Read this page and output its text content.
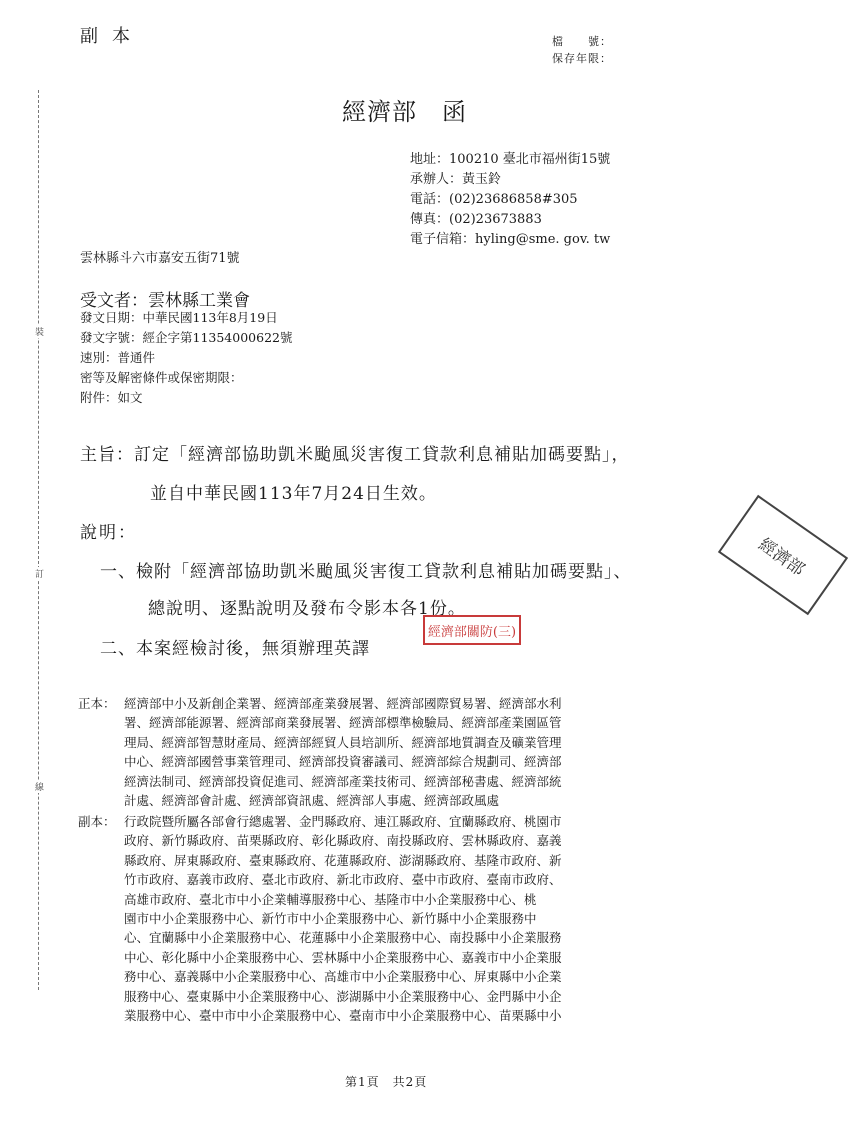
裝
訂
線
副本	檔　　號：
保存年限：
經濟部　函
地址：100210 臺北市福州街15號
承辦人：黃玉鈴
電話：(02)23686858#305
傳真：(02)23673883
電子信箱：hyling@sme. gov. tw
雲林縣斗六市嘉安五街71號
受文者：雲林縣工業會
發文日期：中華民國113年8月19日
發文字號：經企字第11354000622號
速別：普通件
密等及解密條件或保密期限：
附件：如文
主旨：訂定「經濟部協助凱米颱風災害復工貸款利息補貼加碼要點」，
並自中華民國113年7月24日生效。
說明：
一、檢附「經濟部協助凱米颱風災害復工貸款利息補貼加碼要點」、
總說明、逐點說明及發布令影本各1份。
二、本案經檢討後，無須辦理英譯
經濟部關防(三)
經濟部
正本： 經濟部中小及新創企業署、經濟部產業發展署、經濟部國際貿易署、經濟部水利
署、經濟部能源署、經濟部商業發展署、經濟部標準檢驗局、經濟部產業園區管
理局、經濟部智慧財產局、經濟部經貿人員培訓所、經濟部地質調查及礦業管理
中心、經濟部國營事業管理司、經濟部投資審議司、經濟部綜合規劃司、經濟部
經濟法制司、經濟部投資促進司、經濟部產業技術司、經濟部秘書處、經濟部統
計處、經濟部會計處、經濟部資訊處、經濟部人事處、經濟部政風處
副本： 行政院暨所屬各部會行總處署、金門縣政府、連江縣政府、宜蘭縣政府、桃園市
政府、新竹縣政府、苗栗縣政府、彰化縣政府、南投縣政府、雲林縣政府、嘉義
縣政府、屏東縣政府、臺東縣政府、花蓮縣政府、澎湖縣政府、基隆市政府、新
竹市政府、嘉義市政府、臺北市政府、新北市政府、臺中市政府、臺南市政府、
高雄市政府、臺北市中小企業輔導服務中心、基隆市中小企業服務中心、桃
園市中小企業服務中心、新竹市中小企業服務中心、新竹縣中小企業服務中
心、宜蘭縣中小企業服務中心、花蓮縣中小企業服務中心、南投縣中小企業服務
中心、彰化縣中小企業服務中心、雲林縣中小企業服務中心、嘉義市中小企業服
務中心、嘉義縣中小企業服務中心、高雄市中小企業服務中心、屏東縣中小企業
服務中心、臺東縣中小企業服務中心、澎湖縣中小企業服務中心、金門縣中小企
業服務中心、臺中市中小企業服務中心、臺南市中小企業服務中心、苗栗縣中小
第1頁　共2頁
